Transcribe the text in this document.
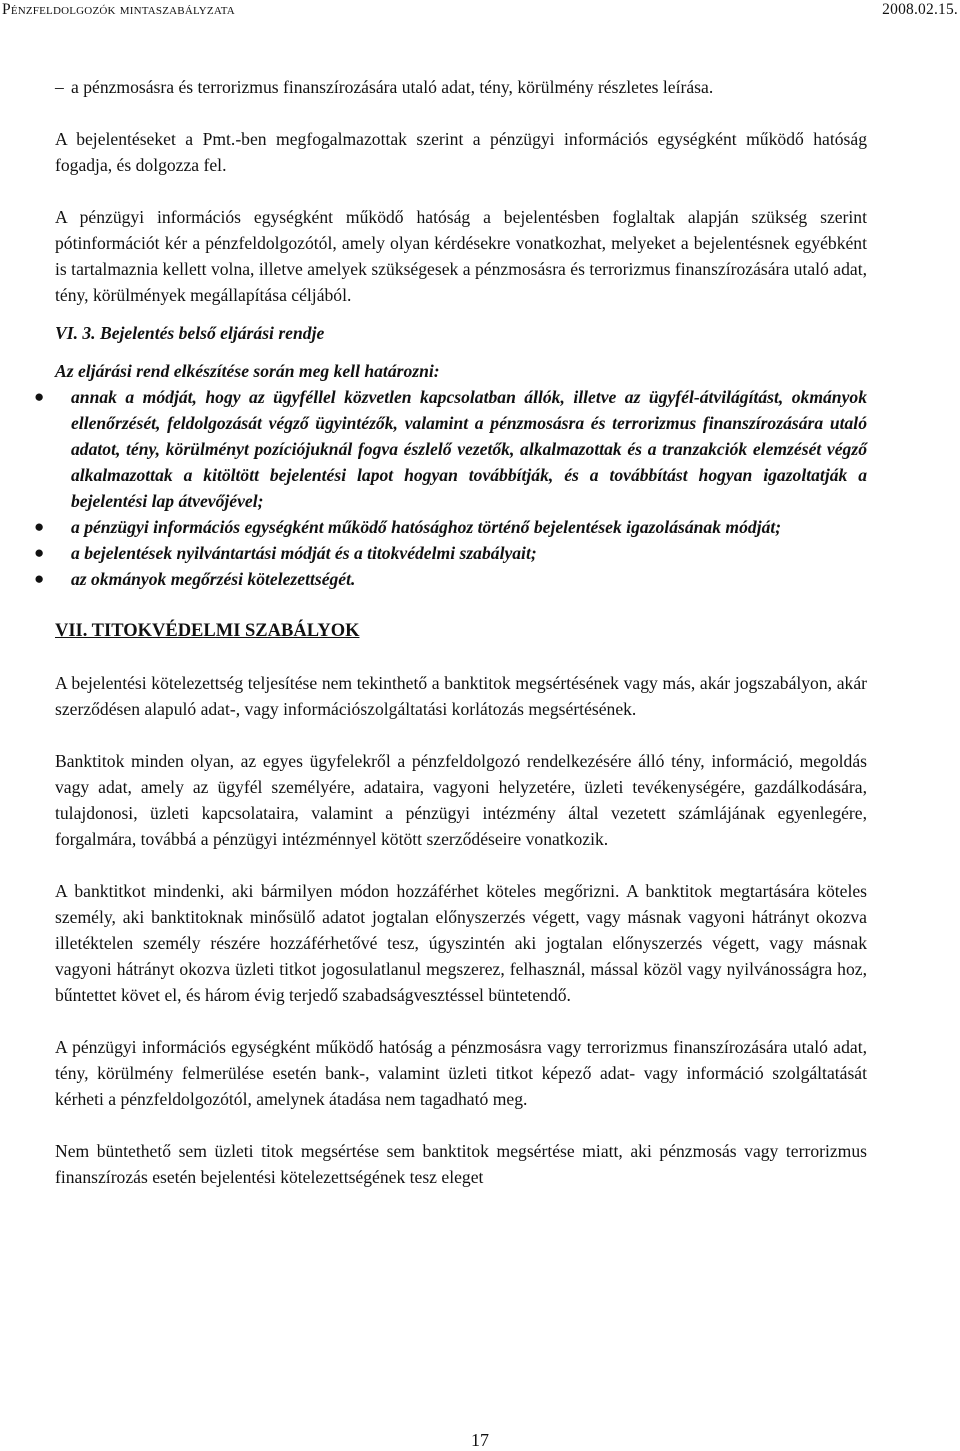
Pénzfeldolgozók mintaszabályzata	2008.02.15.
– a pénzmosásra és terrorizmus finanszírozására utaló adat, tény, körülmény részletes leírása.

A bejelentéseket a Pmt.-ben megfogalmazottak szerint a pénzügyi információs egységként működő hatóság fogadja, és dolgozza fel.

A pénzügyi információs egységként működő hatóság a bejelentésben foglaltak alapján szükség szerint pótinformációt kér a pénzfeldolgozótól, amely olyan kérdésekre vonatkozhat, melyeket a bejelentésnek egyébként is tartalmaznia kellett volna, illetve amelyek szükségesek a pénzmosásra és terrorizmus finanszírozására utaló adat, tény, körülmények megállapítása céljából.

VI. 3. Bejelentés belső eljárási rendje

Az eljárási rend elkészítése során meg kell határozni:

● annak a módját, hogy az ügyféllel közvetlen kapcsolatban állók, illetve az ügyfél-átvilágítást, okmányok ellenőrzését, feldolgozását végző ügyintézők, valamint a pénzmosásra és terrorizmus finanszírozására utaló adatot, tény, körülményt pozíciójuknál fogva észlelő vezetők, alkalmazottak és a tranzakciók elemzését végző alkalmazottak a kitöltött bejelentési lapot hogyan továbbítják, és a továbbítást hogyan igazoltatják a bejelentési lap átvevőjével;
● a pénzügyi információs egységként működő hatósághoz történő bejelentések igazolásának módját;
● a bejelentések nyilvántartási módját és a titokvédelmi szabályait;
● az okmányok megőrzési kötelezettségét.

VII. TITOKVÉDELMI SZABÁLYOK

A bejelentési kötelezettség teljesítése nem tekinthető a banktitok megsértésének vagy más, akár jogszabályon, akár szerződésen alapuló adat-, vagy információszolgáltatási korlátozás megsértésének.

Banktitok minden olyan, az egyes ügyfelekről a pénzfeldolgozó rendelkezésére álló tény, információ, megoldás vagy adat, amely az ügyfél személyére, adataira, vagyoni helyzetére, üzleti tevékenységére, gazdálkodására, tulajdonosi, üzleti kapcsolataira, valamint a pénzügyi intézmény által vezetett számlájának egyenlegére, forgalmára, továbbá a pénzügyi intézménnyel kötött szerződéseire vonatkozik.

A banktitkot mindenki, aki bármilyen módon hozzáférhet köteles megőrizni. A banktitok megtartására köteles személy, aki banktitoknak minősülő adatot jogtalan előnyszerzés végett, vagy másnak vagyoni hátrányt okozva illetéktelen személy részére hozzáférhetővé tesz, úgyszintén aki jogtalan előnyszerzés végett, vagy másnak vagyoni hátrányt okozva üzleti titkot jogosulatlanul megszerez, felhasznál, mással közöl vagy nyilvánosságra hoz, bűntettet követ el, és három évig terjedő szabadságvesztéssel büntetendő.

A pénzügyi információs egységként működő hatóság a pénzmosásra vagy terrorizmus finanszírozására utaló adat, tény, körülmény felmerülése esetén bank-, valamint üzleti titkot képező adat- vagy információ szolgáltatását kérheti a pénzfeldolgozótól, amelynek átadása nem tagadható meg.

Nem büntethető sem üzleti titok megsértése sem banktitok megsértése miatt, aki pénzmosás vagy terrorizmus finanszírozás esetén bejelentési kötelezettségének tesz eleget

17
